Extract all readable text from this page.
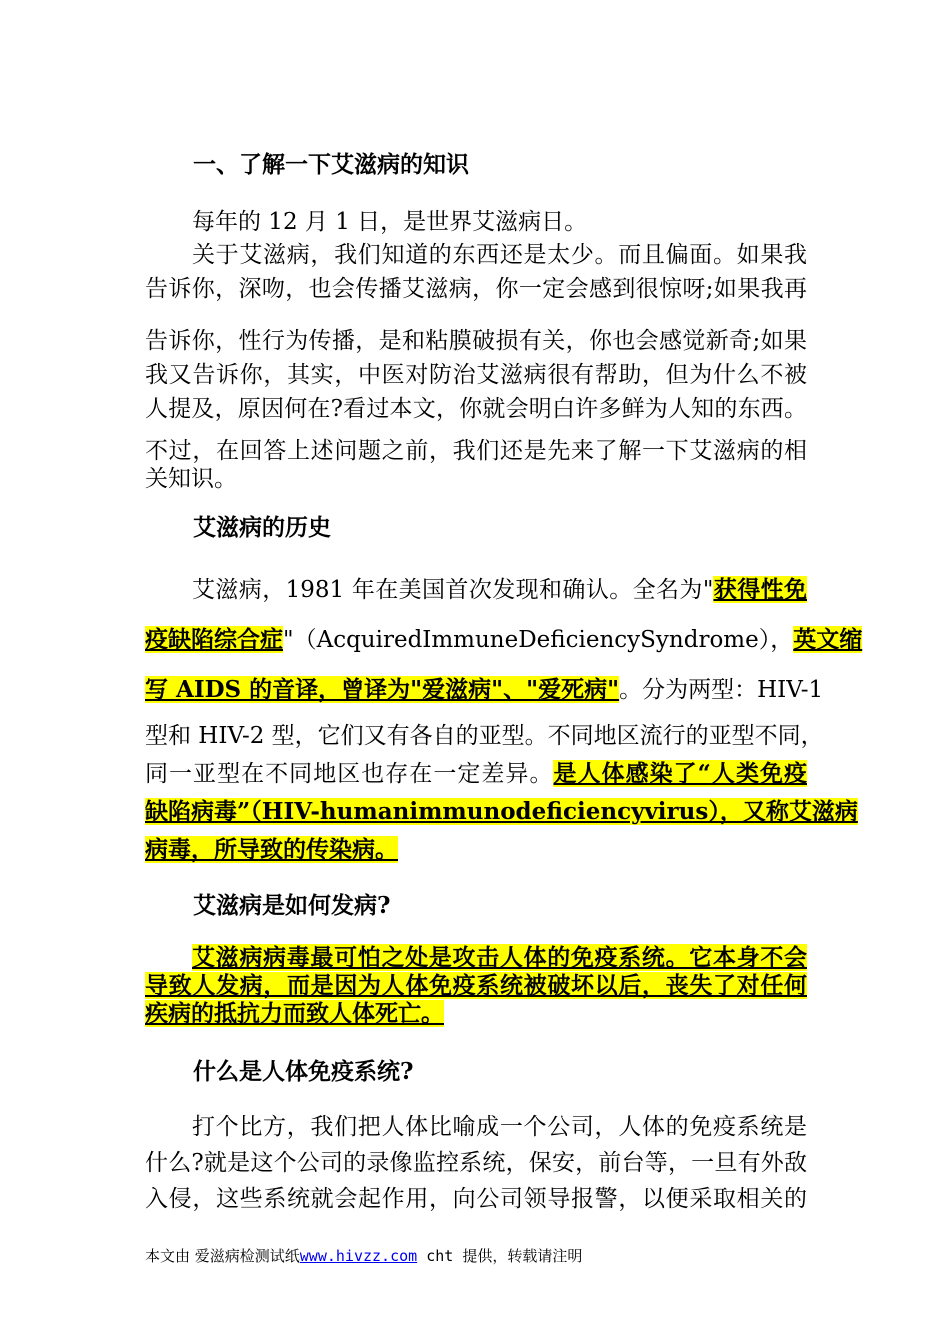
一、了解一下艾滋病的知识
每年的 12 月 1 日，是世界艾滋病日。
关于艾滋病，我们知道的东西还是太少。而且偏面。如果我
告诉你，深吻，也会传播艾滋病，你一定会感到很惊呀;如果我再
告诉你，性行为传播，是和粘膜破损有关，你也会感觉新奇;如果
我又告诉你，其实，中医对防治艾滋病很有帮助，但为什么不被
人提及，原因何在?看过本文，你就会明白许多鲜为人知的东西。
不过，在回答上述问题之前，我们还是先来了解一下艾滋病的相
关知识。
艾滋病的历史
艾滋病，1981 年在美国首次发现和确认。全名为"获得性免
疫缺陷综合症"（AcquiredImmuneDeficiencySyndrome），英文缩
写 AIDS 的音译，曾译为"爱滋病"、"爱死病"。分为两型：HIV-1
型和 HIV-2 型，它们又有各自的亚型。不同地区流行的亚型不同，
同一亚型在不同地区也存在一定差异。是人体感染了“人类免疫
缺陷病毒”（HIV-humanimmunodeficiencyvirus），又称艾滋病
病毒，所导致的传染病。
艾滋病是如何发病?
艾滋病病毒最可怕之处是攻击人体的免疫系统。它本身不会
导致人发病，而是因为人体免疫系统被破坏以后，丧失了对任何
疾病的抵抗力而致人体死亡。
什么是人体免疫系统?
打个比方，我们把人体比喻成一个公司，人体的免疫系统是
什么?就是这个公司的录像监控系统，保安，前台等，一旦有外敌
入侵，这些系统就会起作用，向公司领导报警，以便采取相关的
本文由 爱滋病检测试纸www.hivzz.com cht 提供，转载请注明
